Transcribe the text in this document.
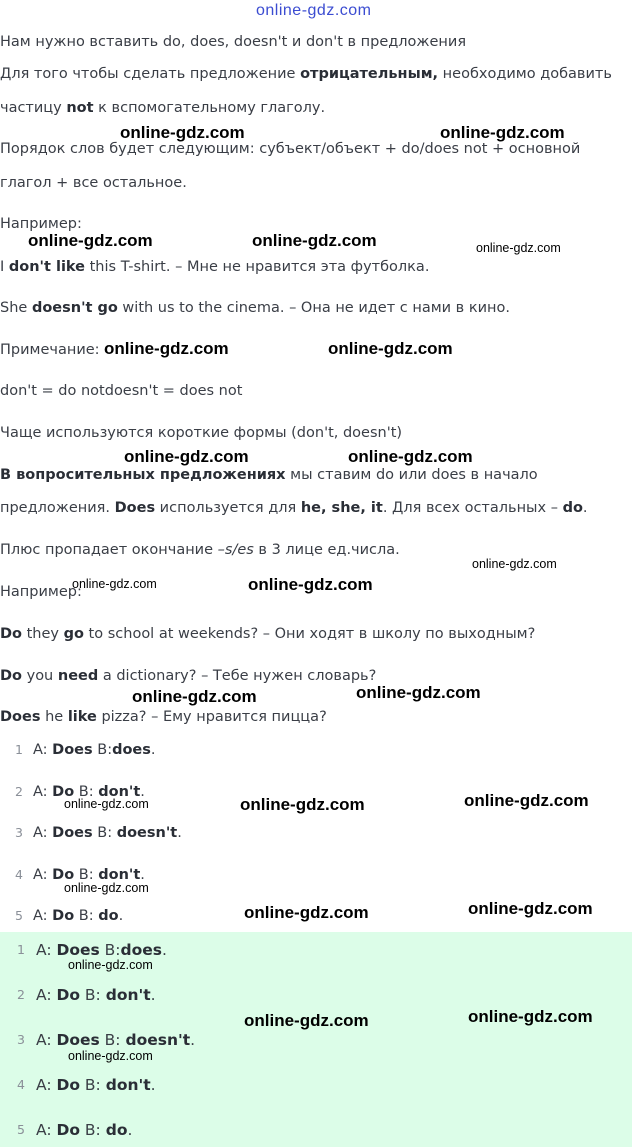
online-gdz.com
Нам нужно вставить do, does, doesn't и don't в предложения
Для того чтобы сделать предложение отрицательным, необходимо добавить
частицу not к вспомогательному глаголу.
Порядок слов будет следующим: субъект/объект + do/does not + основной
глагол + все остальное.
Например:
I don't like this T-shirt. – Мне не нравится эта футболка.
She doesn't go with us to the cinema. – Она не идет с нами в кино.
Примечание:
don't = do notdoesn't = does not
Чаще используются короткие формы (don't, doesn't)
В вопросительных предложениях мы ставим do или does в начало
предложения. Does используется для he, she, it. Для всех остальных – do.
Плюс пропадает окончание –s/es в 3 лице ед.числа.
Например:
Do they go to school at weekends? – Они ходят в школу по выходным?
Do you need a dictionary? – Тебе нужен словарь?
Does he like pizza? – Ему нравится пицца?
1 A: Does B:does.
2 A: Do B: don't.
3 A: Does B: doesn't.
4 A: Do B: don't.
5 A: Do B: do.
1 A: Does B:does.
2 A: Do B: don't.
3 A: Does B: doesn't.
4 A: Do B: don't.
5 A: Do B: do.
online-gdz.com	online-gdz.com
online-gdz.com	online-gdz.com	online-gdz.com
online-gdz.com	online-gdz.com
online-gdz.com	online-gdz.com
online-gdz.com
online-gdz.com	online-gdz.com
online-gdz.com	online-gdz.com
online-gdz.com	online-gdz.com	online-gdz.com
online-gdz.com
online-gdz.com	online-gdz.com
online-gdz.com
online-gdz.com	online-gdz.com
online-gdz.com
